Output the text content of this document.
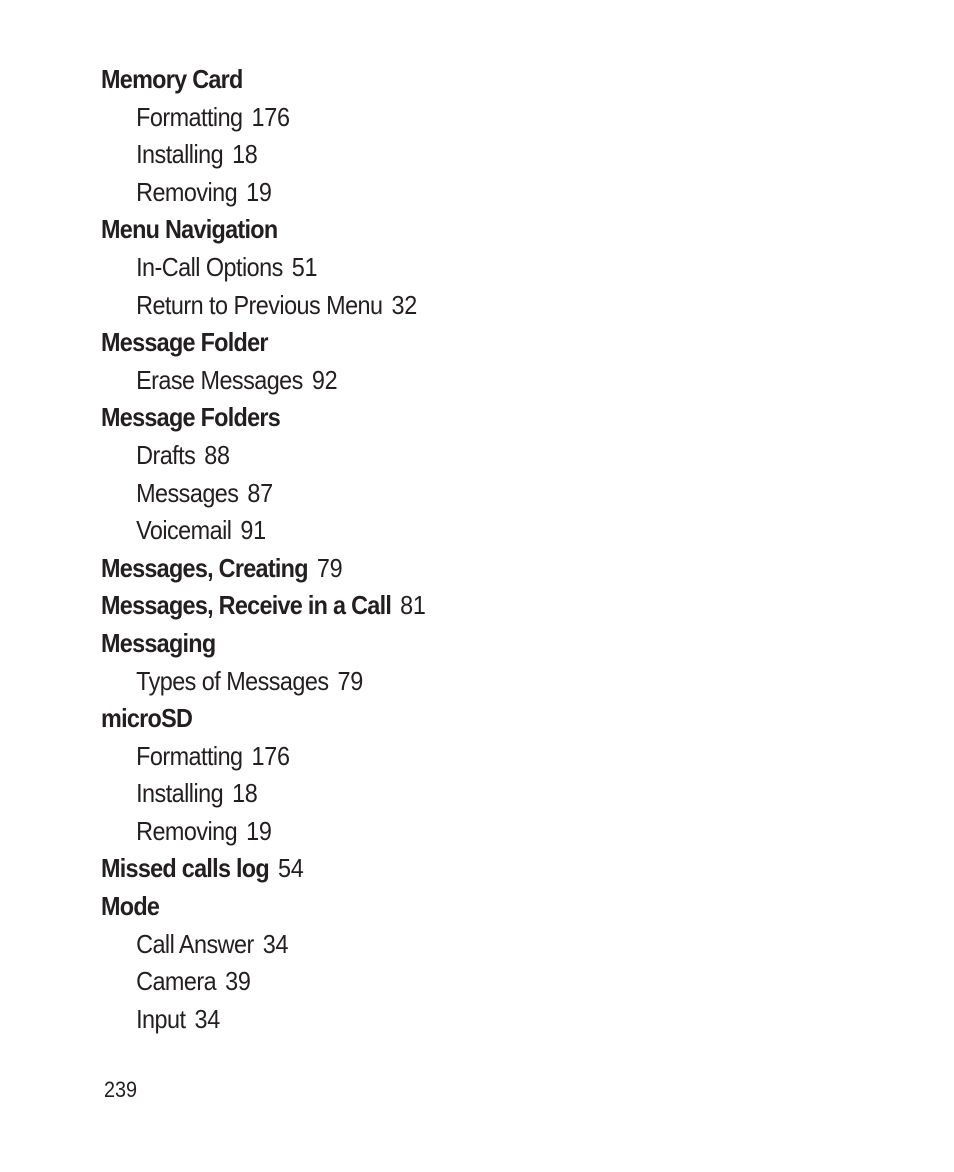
Memory Card
Formatting 176
Installing 18
Removing 19
Menu Navigation
In-Call Options 51
Return to Previous Menu 32
Message Folder
Erase Messages 92
Message Folders
Drafts 88
Messages 87
Voicemail 91
Messages, Creating 79
Messages, Receive in a Call 81
Messaging
Types of Messages 79
microSD
Formatting 176
Installing 18
Removing 19
Missed calls log 54
Mode
Call Answer 34
Camera 39
Input 34
239
